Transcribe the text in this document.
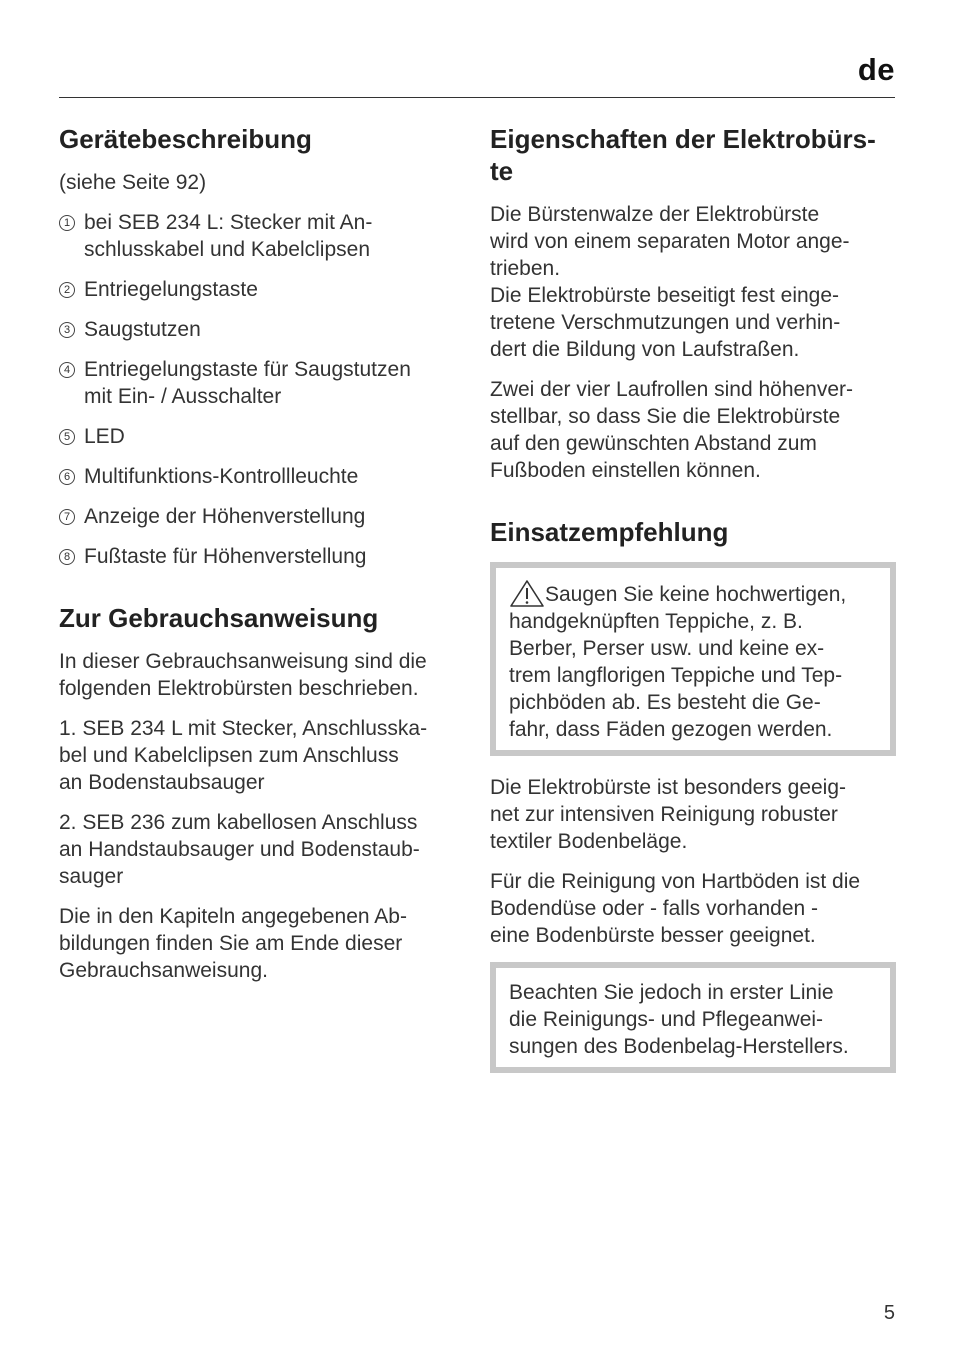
de
Gerätebeschreibung

(siehe Seite 92)

1 bei SEB 234 L: Stecker mit An-
schlusskabel und Kabelclipsen
2 Entriegelungstaste
3 Saugstutzen
4 Entriegelungstaste für Saugstutzen
mit Ein- / Ausschalter
5 LED
6 Multifunktions-Kontrollleuchte
7 Anzeige der Höhenverstellung
8 Fußtaste für Höhenverstellung
Zur Gebrauchsanweisung

In dieser Gebrauchsanweisung sind die
folgenden Elektrobürsten beschrieben.

1. SEB 234 L mit Stecker, Anschlusska-
bel und Kabelclipsen zum Anschluss
an Bodenstaubsauger

2. SEB 236 zum kabellosen Anschluss
an Handstaubsauger und Bodenstaub-
sauger

Die in den Kapiteln angegebenen Ab-
bildungen finden Sie am Ende dieser
Gebrauchsanweisung.

Eigenschaften der Elektrobürs-
te

Die Bürstenwalze der Elektrobürste
wird von einem separaten Motor ange-
trieben.
Die Elektrobürste beseitigt fest einge-
tretene Verschmutzungen und verhin-
dert die Bildung von Laufstraßen.

Zwei der vier Laufrollen sind höhenver-
stellbar, so dass Sie die Elektrobürste
auf den gewünschten Abstand zum
Fußboden einstellen können.

Einsatzempfehlung

Saugen Sie keine hochwertigen,
handgeknüpften Teppiche, z. B.
Berber, Perser usw. und keine ex-
trem langflorigen Teppiche und Tep-
pichböden ab. Es besteht die Ge-
fahr, dass Fäden gezogen werden.

Die Elektrobürste ist besonders geeig-
net zur intensiven Reinigung robuster
textiler Bodenbeläge.

Für die Reinigung von Hartböden ist die
Bodendüse oder - falls vorhanden -
eine Bodenbürste besser geeignet.

Beachten Sie jedoch in erster Linie
die Reinigungs- und Pflegeanwei-
sungen des Bodenbelag-Herstellers.

5
